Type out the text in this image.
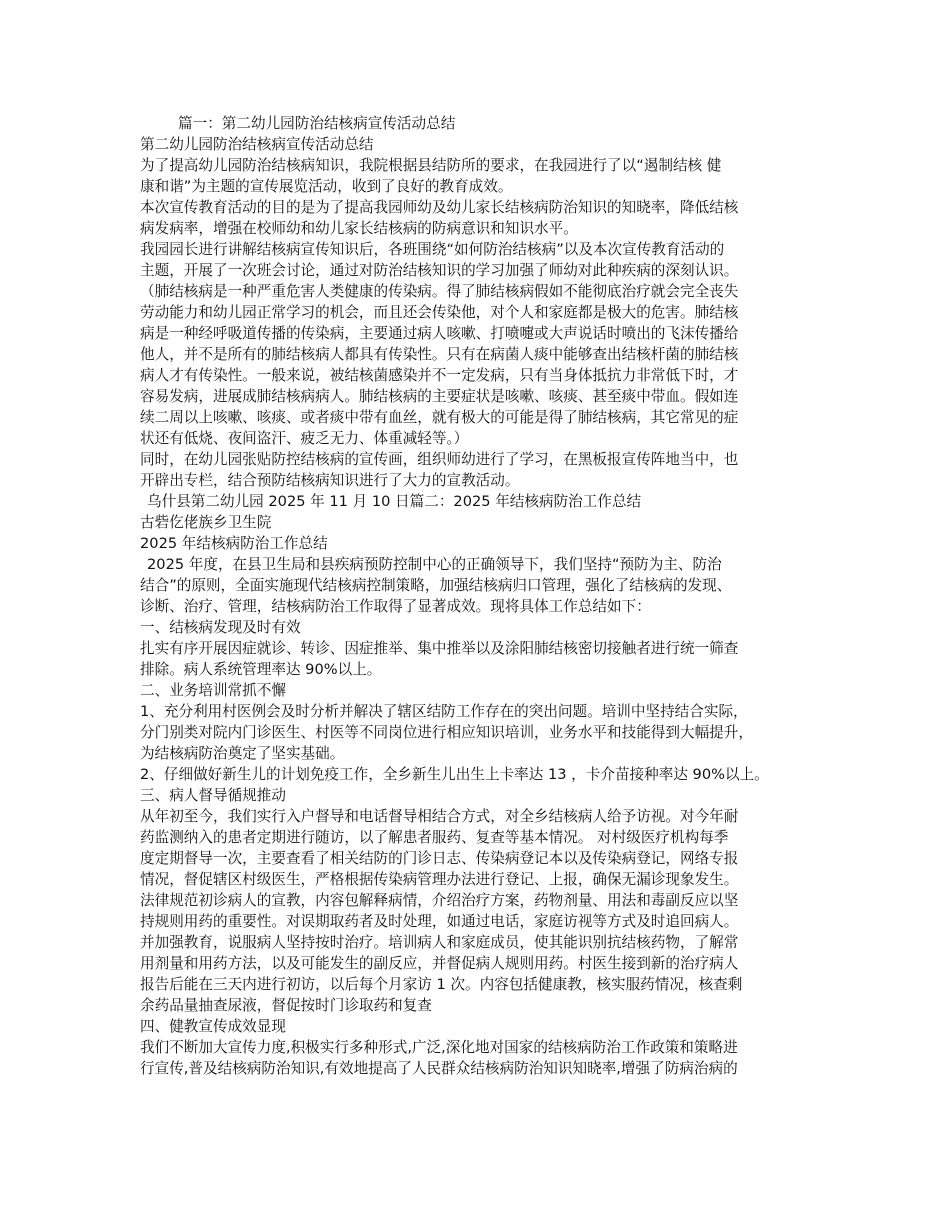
篇一：第二幼儿园防治结核病宣传活动总结
第二幼儿园防治结核病宣传活动总结
为了提高幼儿园防治结核病知识，我院根据县结防所的要求，在我园进行了以“遏制结核 健
康和谐”为主题的宣传展览活动，收到了良好的教育成效。
本次宣传教育活动的目的是为了提高我园师幼及幼儿家长结核病防治知识的知晓率，降低结核
病发病率，增强在校师幼和幼儿家长结核病的防病意识和知识水平。
我园园长进行讲解结核病宣传知识后，各班围绕“如何防治结核病”以及本次宣传教育活动的
主题，开展了一次班会讨论，通过对防治结核知识的学习加强了师幼对此种疾病的深刻认识。
（肺结核病是一种严重危害人类健康的传染病。得了肺结核病假如不能彻底治疗就会完全丧失
劳动能力和幼儿园正常学习的机会，而且还会传染他，对个人和家庭都是极大的危害。肺结核
病是一种经呼吸道传播的传染病，主要通过病人咳嗽、打喷嚏或大声说话时喷出的飞沫传播给
他人，并不是所有的肺结核病人都具有传染性。只有在病菌人痰中能够查出结核杆菌的肺结核
病人才有传染性。一般来说，被结核菌感染并不一定发病，只有当身体抵抗力非常低下时，才
容易发病，进展成肺结核病病人。肺结核病的主要症状是咳嗽、咳痰、甚至痰中带血。假如连
续二周以上咳嗽、咳痰、或者痰中带有血丝，就有极大的可能是得了肺结核病，其它常见的症
状还有低烧、夜间盗汗、疲乏无力、体重减轻等。）
同时，在幼儿园张贴防控结核病的宣传画，组织师幼进行了学习，在黑板报宣传阵地当中，也
开辟出专栏，结合预防结核病知识进行了大力的宣教活动。
乌什县第二幼儿园 2025 年 11 月 10 日篇二：2025 年结核病防治工作总结
古砦仡佬族乡卫生院
2025 年结核病防治工作总结
2025 年度，在县卫生局和县疾病预防控制中心的正确领导下，我们坚持“预防为主、防治
结合”的原则，全面实施现代结核病控制策略，加强结核病归口管理，强化了结核病的发现、
诊断、治疗、管理，结核病防治工作取得了显著成效。现将具体工作总结如下：
一、结核病发现及时有效
扎实有序开展因症就诊、转诊、因症推举、集中推举以及涂阳肺结核密切接触者进行统一筛查
排除。病人系统管理率达 90%以上。
二、业务培训常抓不懈
1、充分利用村医例会及时分析并解决了辖区结防工作存在的突出问题。培训中坚持结合实际，
分门别类对院内门诊医生、村医等不同岗位进行相应知识培训，业务水平和技能得到大幅提升，
为结核病防治奠定了坚实基础。
2、仔细做好新生儿的计划免疫工作，全乡新生儿出生上卡率达 13 ，卡介苗接种率达 90%以上。
三、病人督导循规推动
从年初至今，我们实行入户督导和电话督导相结合方式，对全乡结核病人给予访视。对今年耐
药监测纳入的患者定期进行随访，以了解患者服药、复查等基本情况。 对村级医疗机构每季
度定期督导一次，主要查看了相关结防的门诊日志、传染病登记本以及传染病登记，网络专报
情况，督促辖区村级医生，严格根据传染病管理办法进行登记、上报，确保无漏诊现象发生。
法律规范初诊病人的宣教，内容包解释病情，介绍治疗方案，药物剂量、用法和毒副反应以坚
持规则用药的重要性。对误期取药者及时处理，如通过电话，家庭访视等方式及时追回病人。
并加强教育，说服病人坚持按时治疗。培训病人和家庭成员，使其能识别抗结核药物，了解常
用剂量和用药方法，以及可能发生的副反应，并督促病人规则用药。村医生接到新的治疗病人
报告后能在三天内进行初访，以后每个月家访 1 次。内容包括健康教，核实服药情况，核查剩
余药品量抽查尿液，督促按时门诊取药和复查
四、健教宣传成效显现
我们不断加大宣传力度,积极实行多种形式,广泛,深化地对国家的结核病防治工作政策和策略进
行宣传,普及结核病防治知识,有效地提高了人民群众结核病防治知识知晓率,增强了防病治病的
